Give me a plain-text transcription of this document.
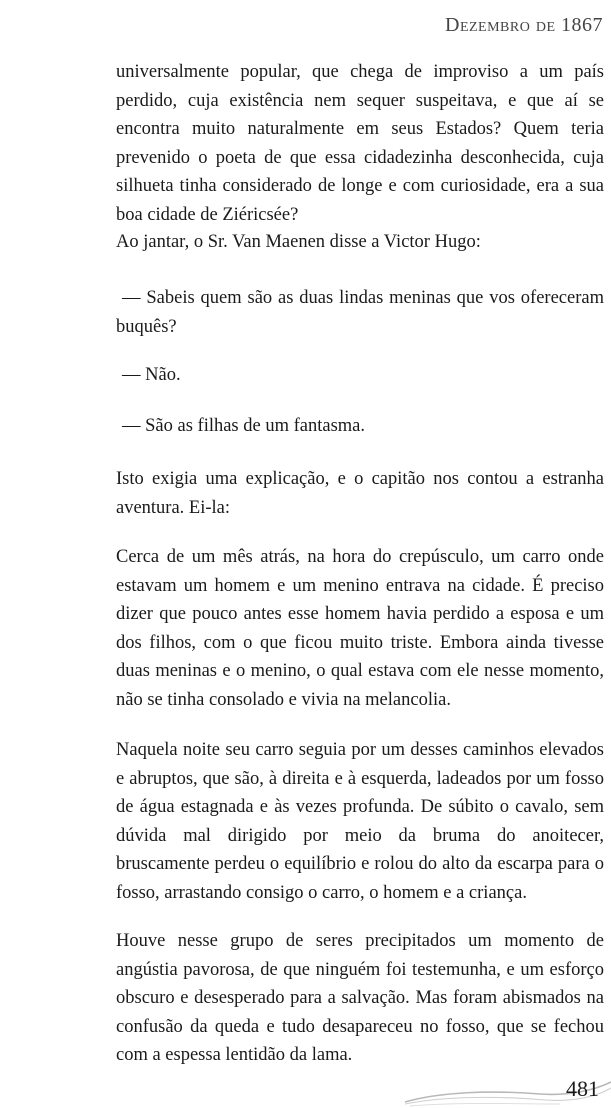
Dezembro de 1867

universalmente popular, que chega de improviso a um país perdido, cuja existência nem sequer suspeitava, e que aí se encontra muito naturalmente em seus Estados? Quem teria prevenido o poeta de que essa cidadezinha desconhecida, cuja silhueta tinha considerado de longe e com curiosidade, era a sua boa cidade de Ziéricsée?

Ao jantar, o Sr. Van Maenen disse a Victor Hugo:

— Sabeis quem são as duas lindas meninas que vos ofereceram buquês?

— Não.

— São as filhas de um fantasma.

Isto exigia uma explicação, e o capitão nos contou a estranha aventura. Ei-la:

Cerca de um mês atrás, na hora do crepúsculo, um carro onde estavam um homem e um menino entrava na cidade. É preciso dizer que pouco antes esse homem havia perdido a esposa e um dos filhos, com o que ficou muito triste. Embora ainda tivesse duas meninas e o menino, o qual estava com ele nesse momento, não se tinha consolado e vivia na melancolia.

Naquela noite seu carro seguia por um desses caminhos elevados e abruptos, que são, à direita e à esquerda, ladeados por um fosso de água estagnada e às vezes profunda. De súbito o cavalo, sem dúvida mal dirigido por meio da bruma do anoitecer, bruscamente perdeu o equilíbrio e rolou do alto da escarpa para o fosso, arrastando consigo o carro, o homem e a criança.

Houve nesse grupo de seres precipitados um momento de angústia pavorosa, de que ninguém foi testemunha, e um esforço obscuro e desesperado para a salvação. Mas foram abismados na confusão da queda e tudo desapareceu no fosso, que se fechou com a espessa lentidão da lama.

481
